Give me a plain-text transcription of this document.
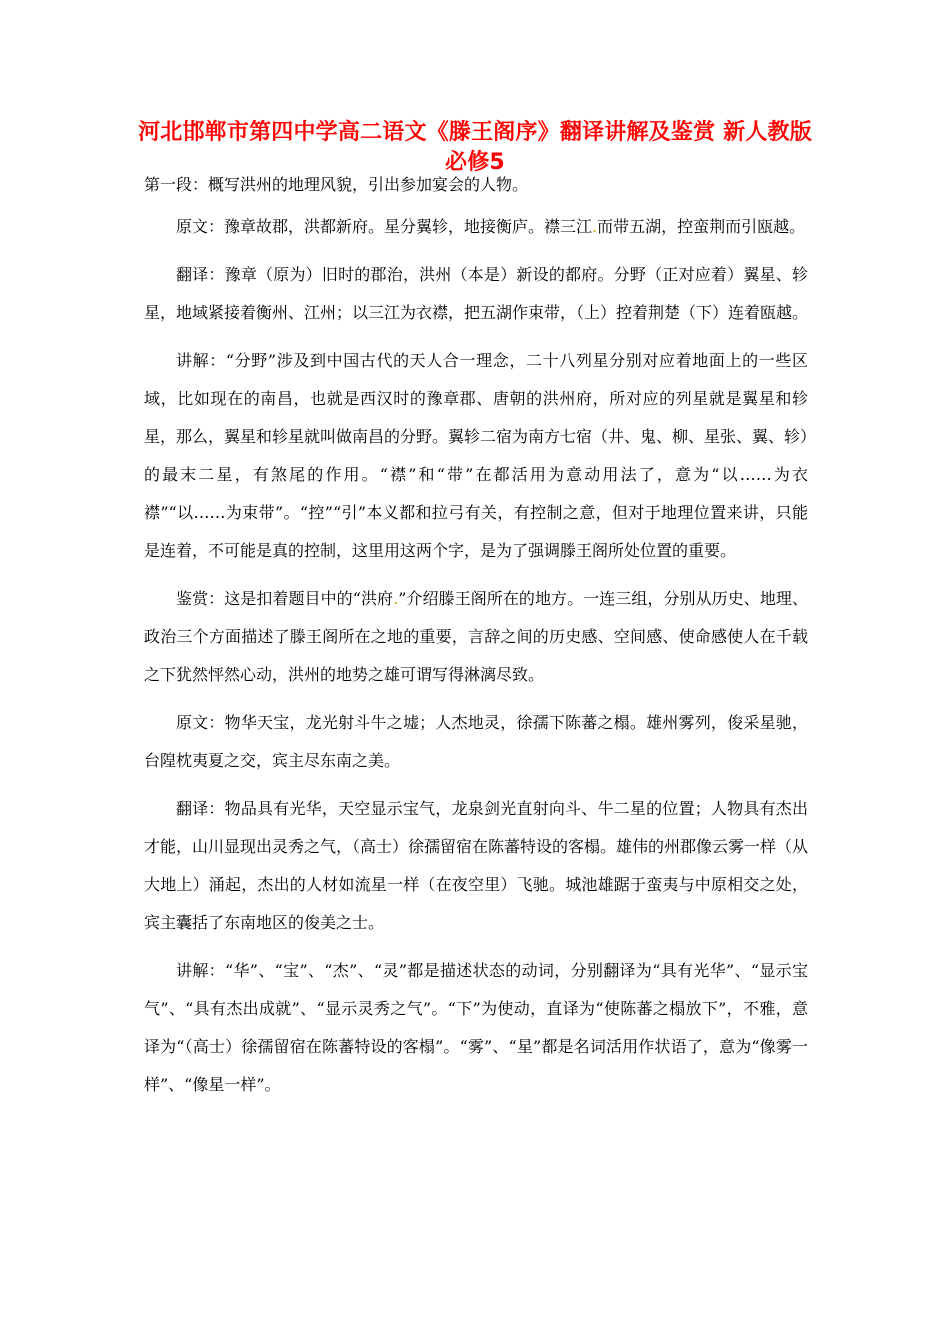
河北邯郸市第四中学高二语文《滕王阁序》翻译讲解及鉴赏 新人教版必修5

第一段：概写洪州的地理风貌，引出参加宴会的人物。

原文：豫章故郡，洪都新府。星分翼轸，地接衡庐。襟三江.而带五湖，控蛮荆而引瓯越。

翻译：豫章（原为）旧时的郡治，洪州（本是）新设的都府。分野（正对应着）翼星、轸星，地域紧接着衡州、江州；以三江为衣襟，把五湖作束带，（上）控着荆楚（下）连着瓯越。

讲解：“分野”涉及到中国古代的天人合一理念，二十八列星分别对应着地面上的一些区域，比如现在的南昌，也就是西汉时的豫章郡、唐朝的洪州府，所对应的列星就是翼星和轸星，那么，翼星和轸星就叫做南昌的分野。翼轸二宿为南方七宿（井、鬼、柳、星张、翼、轸）的最末二星，有煞尾的作用。“襟”和“带”在都活用为意动用法了，意为“以……为衣襟”“以……为束带”。“控”“引”本义都和拉弓有关，有控制之意，但对于地理位置来讲，只能是连着，不可能是真的控制，这里用这两个字，是为了强调滕王阁所处位置的重要。

鉴赏：这是扣着题目中的“洪府.”介绍滕王阁所在的地方。一连三组，分别从历史、地理、政治三个方面描述了滕王阁所在之地的重要，言辞之间的历史感、空间感、使命感使人在千载之下犹然怦然心动，洪州的地势之雄可谓写得淋漓尽致。

原文：物华天宝，龙光射斗牛之墟；人杰地灵，徐孺下陈蕃之榻。雄州雾列，俊采星驰，台隍枕夷夏之交，宾主尽东南之美。

翻译：物品具有光华，天空显示宝气，龙泉剑光直射向斗、牛二星的位置；人物具有杰出才能，山川显现出灵秀之气，（高士）徐孺留宿在陈蕃特设的客榻。雄伟的州郡像云雾一样（从大地上）涌起，杰出的人材如流星一样（在夜空里）飞驰。城池雄踞于蛮夷与中原相交之处，宾主囊括了东南地区的俊美之士。

讲解：“华”、“宝”、“杰”、“灵”都是描述状态的动词，分别翻译为“具有光华”、“显示宝气”、“具有杰出成就”、“显示灵秀之气”。“下”为使动，直译为“使陈蕃之榻放下”，不雅，意译为“（高士）徐孺留宿在陈蕃特设的客榻”。“雾”、“星”都是名词活用作状语了，意为“像雾一样”、“像星一样”。
